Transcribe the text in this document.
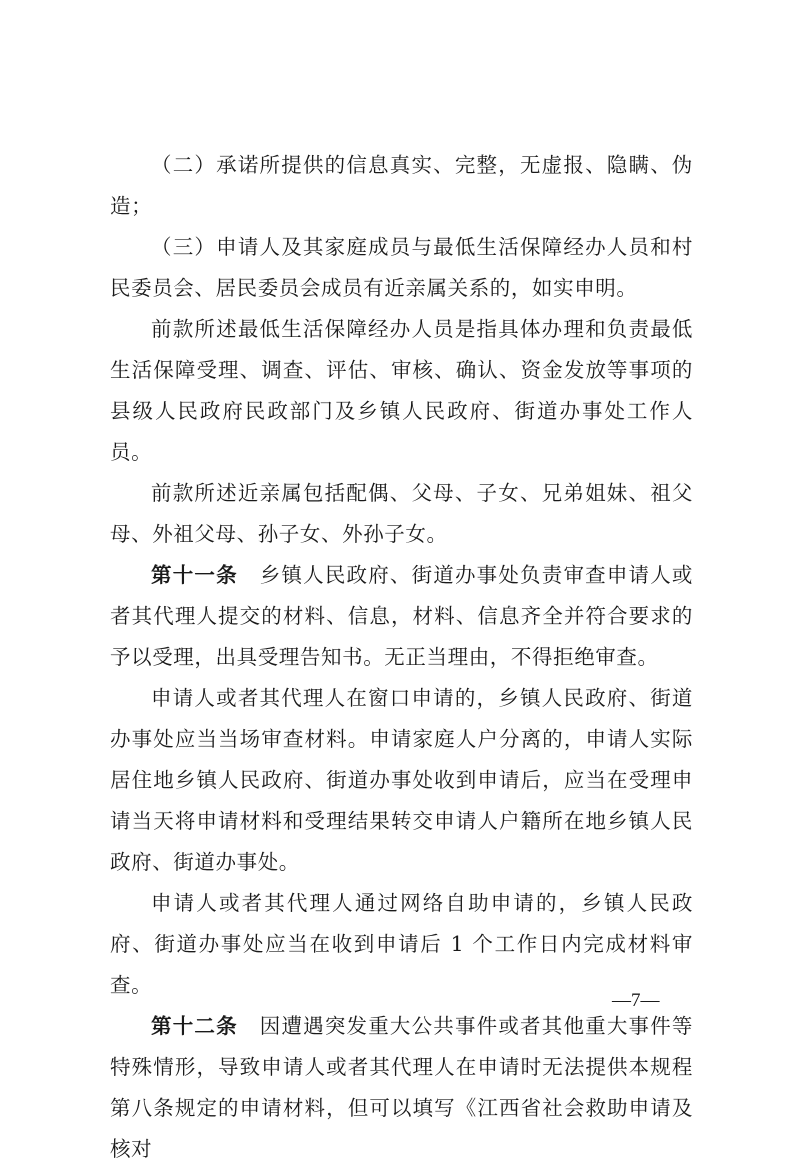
（二）承诺所提供的信息真实、完整，无虚报、隐瞒、伪造；

（三）申请人及其家庭成员与最低生活保障经办人员和村民委员会、居民委员会成员有近亲属关系的，如实申明。

前款所述最低生活保障经办人员是指具体办理和负责最低生活保障受理、调查、评估、审核、确认、资金发放等事项的县级人民政府民政部门及乡镇人民政府、街道办事处工作人员。

前款所述近亲属包括配偶、父母、子女、兄弟姐妹、祖父母、外祖父母、孙子女、外孙子女。

第十一条 乡镇人民政府、街道办事处负责审查申请人或者其代理人提交的材料、信息，材料、信息齐全并符合要求的予以受理，出具受理告知书。无正当理由，不得拒绝审查。

申请人或者其代理人在窗口申请的，乡镇人民政府、街道办事处应当当场审查材料。申请家庭人户分离的，申请人实际居住地乡镇人民政府、街道办事处收到申请后，应当在受理申请当天将申请材料和受理结果转交申请人户籍所在地乡镇人民政府、街道办事处。

申请人或者其代理人通过网络自助申请的，乡镇人民政府、街道办事处应当在收到申请后 1 个工作日内完成材料审查。

第十二条 因遭遇突发重大公共事件或者其他重大事件等特殊情形，导致申请人或者其代理人在申请时无法提供本规程第八条规定的申请材料，但可以填写《江西省社会救助申请及核对

—7—
